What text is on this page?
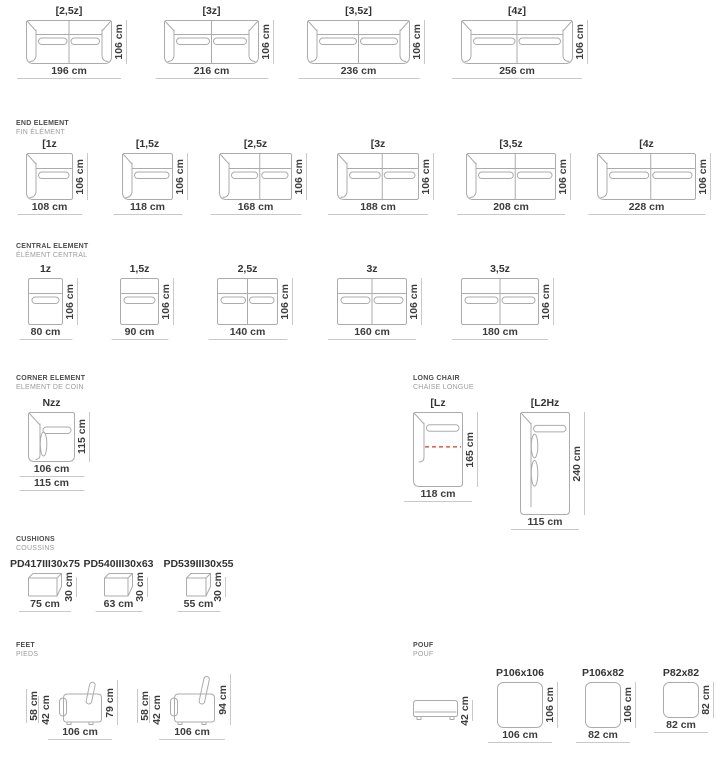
[2,5z]
106 cm
196 cm
[3z]
106 cm
216 cm
[3,5z]
106 cm
236 cm
[4z]
106 cm
256 cm
END ELEMENT
FIN ÉLÉMENT
[1z
106 cm
108 cm
[1,5z
106 cm
118 cm
[2,5z
106 cm
168 cm
[3z
106 cm
188 cm
[3,5z
106 cm
208 cm
[4z
106 cm
228 cm
CENTRAL ELEMENT
ÉLÉMENT CENTRAL
1z
106 cm
80 cm
1,5z
106 cm
90 cm
2,5z
106 cm
140 cm
3z
106 cm
160 cm
3,5z
106 cm
180 cm
CORNER ELEMENT
ELEMENT DE COIN
Nzz
115 cm
106 cm
115 cm
LONG CHAIR
CHAISE LONGUE
[Lz
165 cm
118 cm
[L2Hz
240 cm
115 cm
CUSHIONS
COUSSINS
PD417III30x75
30 cm
75 cm
PD540III30x63
30 cm
63 cm
PD539III30x55
30 cm
55 cm
FEET
PIEDS
58 cm 42 cm	79 cm
106 cm
58 cm 42 cm	94 cm
106 cm
POUF
POUF
42 cm
P106x106
106 cm
106 cm
P106x82
106 cm
82 cm
P82x82
82 cm
82 cm
